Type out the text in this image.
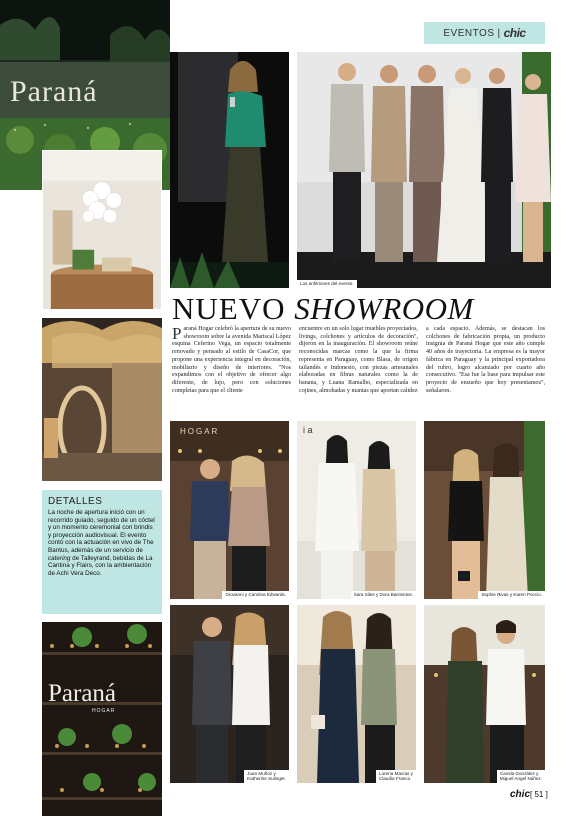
EVENTOS | chic
Paraná
Los anfitriones del evento.
NUEVO SHOWROOM
P araná Hogar celebró la apertura de su nuevo showroom sobre la avenida Mariscal López esquina Ceferino Vega, un espacio totalmente renovado y pensado al estilo de CasaCor, que propone una experiencia integral en decoración, mobiliario y diseño de interiores. "Nos expandimos con el objetivo de ofrecer algo diferente, de lujo, pero con soluciones completas para que el cliente
encuentre en un solo lugar muebles proyectados, livings, colchones y artículos de decoración", dijeron en la inauguración. El showroom reúne reconocidas marcas como la que la firma representa en Paraguay, como Blasa, de origen tailandés e Indonesio, con piezas artesanales elaboradas en fibras naturales como la de banana, y Luana Ramalho, especializada en cojines, almohadas y mantas que aportan calidez
a cada espacio. Además, se destacan los colchones de fabricación propia, un producto insignia de Paraná Hogar que este año cumple 40 años de trayectoria. La empresa es la mayor fábrica en Paraguay y la principal exportadora del rubro, logro alcanzado por cuarto año consecutivo. "Esa fue la base para impulsar este proyecto de ensueño que hoy presentamos", señalaron.
DETALLES
La noche de apertura inició con un recorrido guiado, seguido de un cóctel y un momento ceremonial con brindis y proyección audiovisual. El evento contó con la actuación en vivo de The Bantus, además de un servicio de catering de Talleyrand, bebidas de La Cantina y Flairs, con la ambientación de Achi Vera Deco.
Paraná
HOGAR
HOGAR
Giovanni y Carolina Edwards.
i a
Sara Siles y Dora Barrientos.	Sophie Rivas y Karen Poccio.
Juan Muñoz y
Katherine Sulinger.
Lorena Macías y
Claudia Franco.
Camila González y
Miguel Angel Núñez.
chic [ 51 ]
